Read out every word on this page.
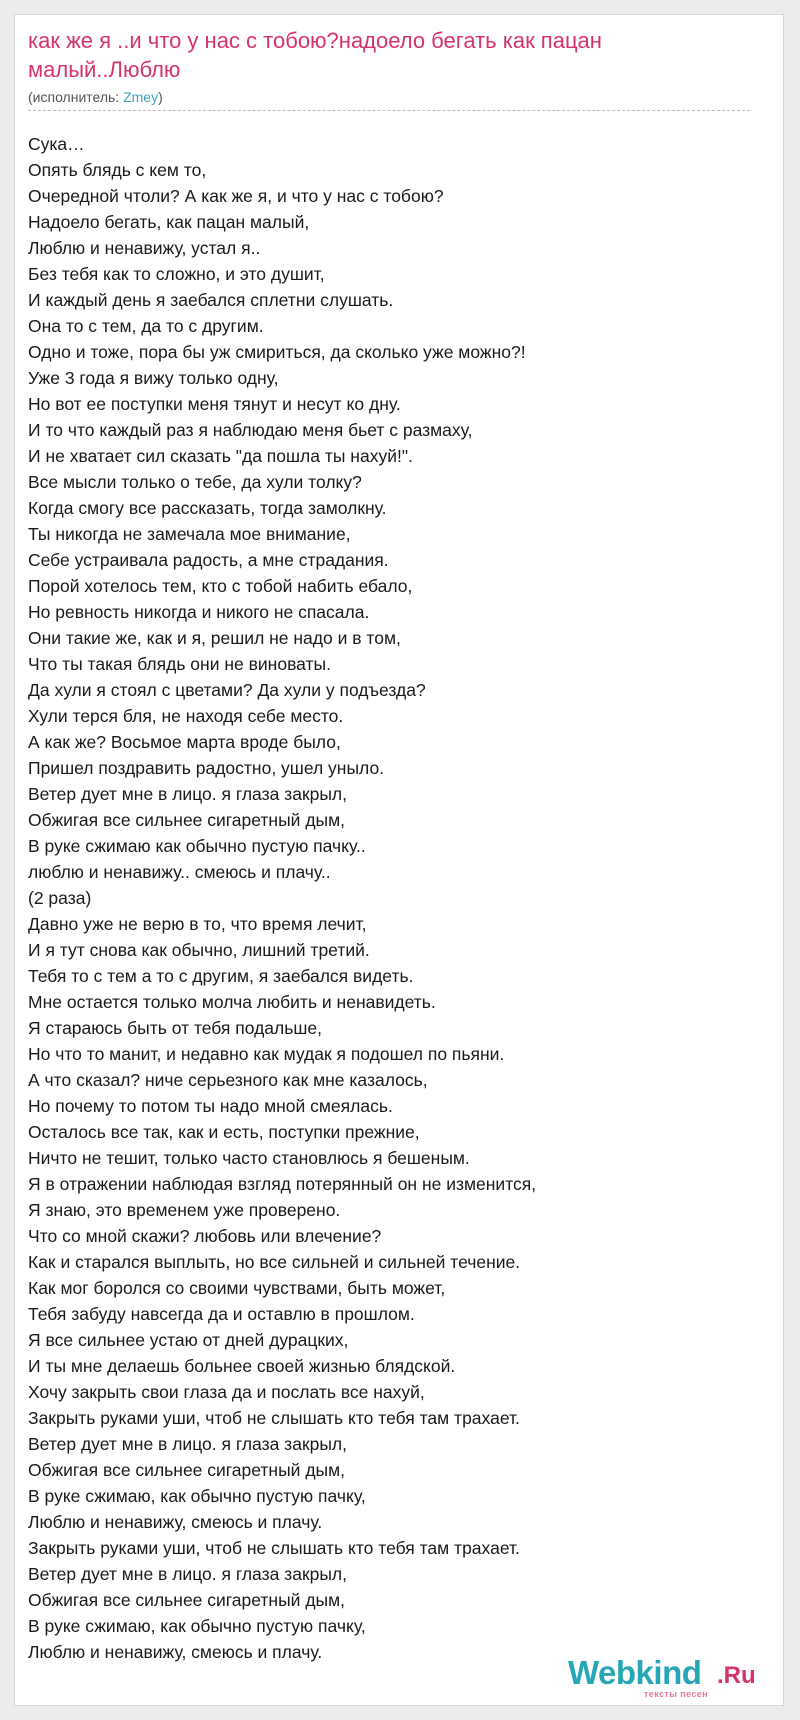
как же я ..и что у нас с тобою?надоело бегать как пацан малый..Люблю
(исполнитель: Zmey)
Сука…
Опять блядь с кем то,
Очередной чтоли? А как же я, и что у нас с тобою?
Надоело бегать, как пацан малый,
Люблю и ненавижу, устал я..
Без тебя как то сложно, и это душит,
И каждый день я заебался сплетни слушать.
Она то с тем, да то с другим.
Одно и тоже, пора бы уж смириться, да сколько уже можно?!
Уже 3 года я вижу только одну,
Но вот ее поступки меня тянут и несут ко дну.
И то что каждый раз я наблюдаю меня бьет с размаху,
И не хватает сил сказать "да пошла ты нахуй!".
Все мысли только о тебе, да хули толку?
Когда смогу все рассказать, тогда замолкну.
Ты никогда не замечала мое внимание,
Себе устраивала радость, а мне страдания.
Порой хотелось тем, кто с тобой набить ебало,
Но ревность никогда и никого не спасала.
Они такие же, как и я, решил не надо и в том,
Что ты такая блядь они не виноваты.
Да хули я стоял с цветами? Да хули у подъезда?
Хули терся бля, не находя себе место.
А как же? Восьмое марта вроде было,
Пришел поздравить радостно, ушел уныло.
Ветер дует мне в лицо. я глаза закрыл,
Обжигая все сильнее сигаретный дым,
В руке сжимаю как обычно пустую пачку..
люблю и ненавижу.. смеюсь и плачу..
(2 раза)
Давно уже не верю в то, что время лечит,
И я тут снова как обычно, лишний третий.
Тебя то с тем а то с другим, я заебался видеть.
Мне остается только молча любить и ненавидеть.
Я стараюсь быть от тебя подальше,
Но что то манит, и недавно как мудак я подошел по пьяни.
А что сказал? ниче серьезного как мне казалось,
Но почему то потом ты надо мной смеялась.
Осталось все так, как и есть, поступки прежние,
Ничто не тешит, только часто становлюсь я бешеным.
Я в отражении наблюдая взгляд потерянный он не изменится,
Я знаю, это временем уже проверено.
Что со мной скажи? любовь или влечение?
Как и старался выплыть, но все сильней и сильней течение.
Как мог боролся со своими чувствами, быть может,
Тебя забуду навсегда да и оставлю в прошлом.
Я все сильнее устаю от дней дурацких,
И ты мне делаешь больнее своей жизнью блядской.
Хочу закрыть свои глаза да и послать все нахуй,
Закрыть руками уши, чтоб не слышать кто тебя там трахает.
Ветер дует мне в лицо. я глаза закрыл,
Обжигая все сильнее сигаретный дым,
В руке сжимаю, как обычно пустую пачку,
Люблю и ненавижу, смеюсь и плачу.
Закрыть руками уши, чтоб не слышать кто тебя там трахает.
Ветер дует мне в лицо. я глаза закрыл,
Обжигая все сильнее сигаретный дым,
В руке сжимаю, как обычно пустую пачку,
Люблю и ненавижу, смеюсь и плачу.
Webkind .Ru
тексты песен
